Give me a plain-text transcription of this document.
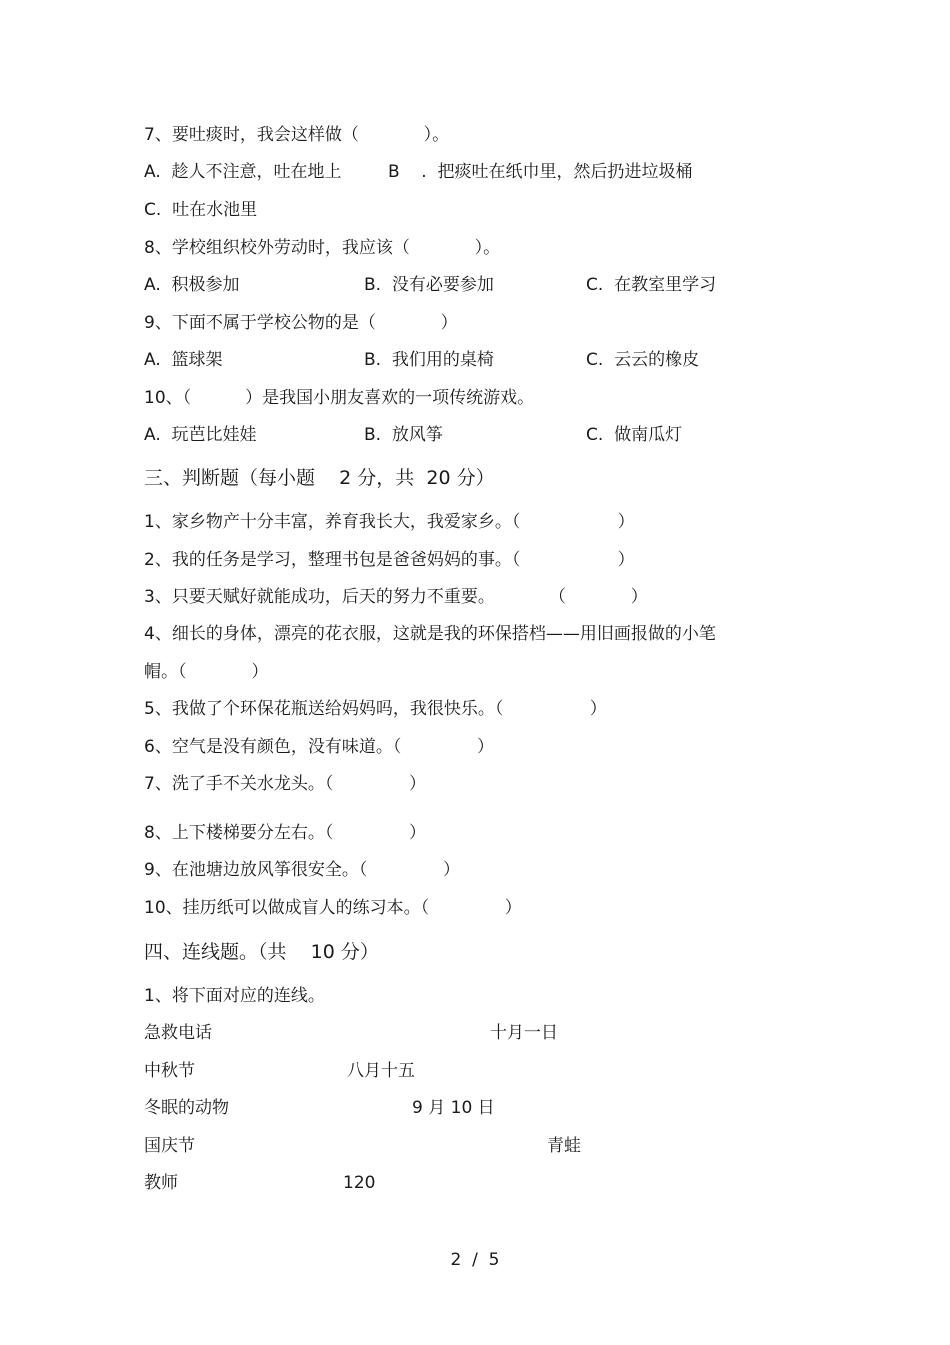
7、要吐痰时，我会这样做（            ）。

A.  趁人不注意，吐在地上	B    .  把痰吐在纸巾里，然后扔进垃圾桶

C.  吐在水池里

8、学校组织校外劳动时，我应该（            ）。

A.  积极参加	B.  没有必要参加	C.  在教室里学习

9、下面不属于学校公物的是（            ）

A.  篮球架	B.  我们用的桌椅	C.  云云的橡皮

10、（          ）是我国小朋友喜欢的一项传统游戏。

A.  玩芭比娃娃	B.  放风筝	C.  做南瓜灯

三、判断题（每小题    2 分，共  20 分）

1、家乡物产十分丰富，养育我长大，我爱家乡。（                  ）

2、我的任务是学习，整理书包是爸爸妈妈的事。（                  ）

3、只要天赋好就能成功，后天的努力不重要。          （            ）

4、细长的身体，漂亮的花衣服，这就是我的环保搭档——用旧画报做的小笔

帽。（            ）

5、我做了个环保花瓶送给妈妈吗，我很快乐。（                ）

6、空气是没有颜色，没有味道。（              ）

7、洗了手不关水龙头。（              ）

8、上下楼梯要分左右。（              ）

9、在池塘边放风筝很安全。（              ）

10、挂历纸可以做成盲人的练习本。（              ）

四、连线题。（共    10 分）

1、将下面对应的连线。

急救电话	十月一日

中秋节	八月十五

冬眠的动物	9 月 10 日

国庆节	青蛙

教师	120

2  /  5
